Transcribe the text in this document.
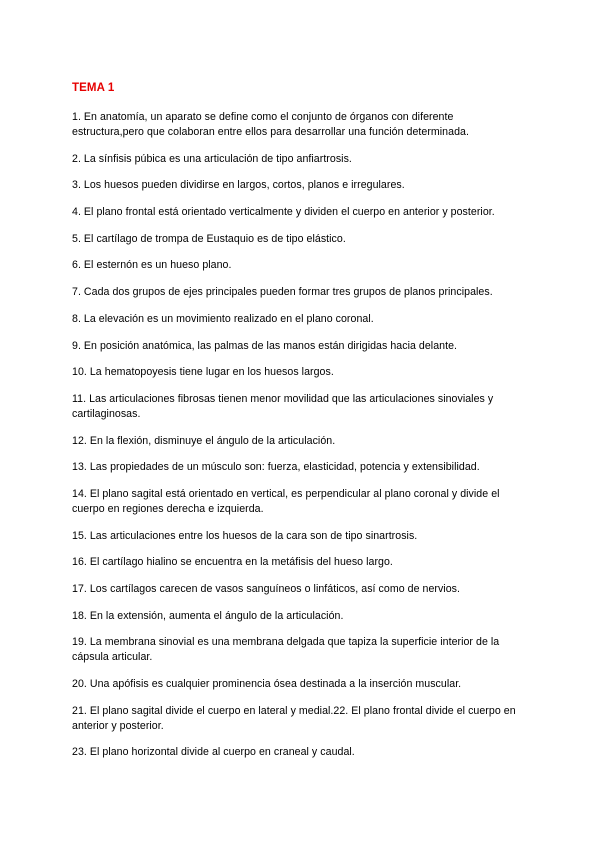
TEMA 1

1. En anatomía, un aparato se define como el conjunto de órganos con diferente estructura,pero que colaboran entre ellos para desarrollar una función determinada.

2. La sínfisis púbica es una articulación de tipo anfiartrosis.

3. Los huesos pueden dividirse en largos, cortos, planos e irregulares.

4. El plano frontal está orientado verticalmente y dividen el cuerpo en anterior y posterior.

5. El cartílago de trompa de Eustaquio es de tipo elástico.

6. El esternón es un hueso plano.

7. Cada dos grupos de ejes principales pueden formar tres grupos de planos principales.

8. La elevación es un movimiento realizado en el plano coronal.

9. En posición anatómica, las palmas de las manos están dirigidas hacia delante.

10. La hematopoyesis tiene lugar en los huesos largos.

11. Las articulaciones fibrosas tienen menor movilidad que las articulaciones sinoviales y cartilaginosas.

12. En la flexión, disminuye el ángulo de la articulación.

13. Las propiedades de un músculo son: fuerza, elasticidad, potencia y extensibilidad.

14. El plano sagital está orientado en vertical, es perpendicular al plano coronal y divide el cuerpo en regiones derecha e izquierda.

15. Las articulaciones entre los huesos de la cara son de tipo sinartrosis.

16. El cartílago hialino se encuentra en la metáfisis del hueso largo.

17. Los cartílagos carecen de vasos sanguíneos o linfáticos, así como de nervios.

18. En la extensión, aumenta el ángulo de la articulación.

19. La membrana sinovial es una membrana delgada que tapiza la superficie interior de la cápsula articular.

20. Una apófisis es cualquier prominencia ósea destinada a la inserción muscular.

21. El plano sagital divide el cuerpo en lateral y medial.22. El plano frontal divide el cuerpo en anterior y posterior.

23. El plano horizontal divide al cuerpo en craneal y caudal.
